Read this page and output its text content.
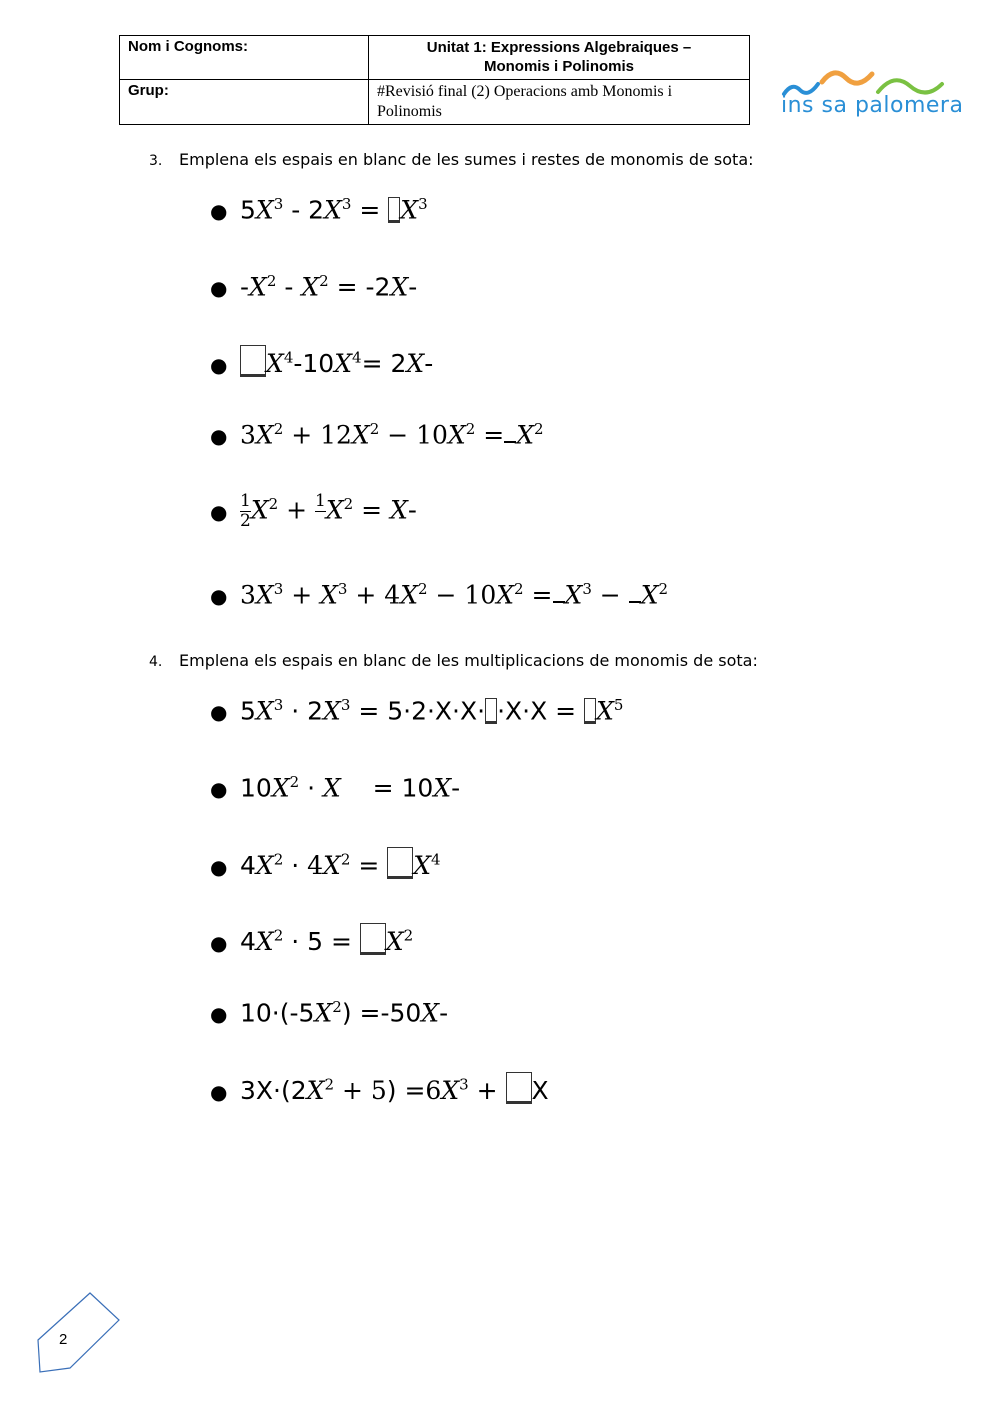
Nom i Cognoms:	Unitat 1: Expressions Algebraiques –
Monomis i Polinomis
Grup:	#Revisió final (2) Operacions amb Monomis i
Polinomis	ins sa palomera
3. Emplena els espais en blanc de les sumes i restes de monomis de sota:
● $5X^3 - 2X^3 = X^3$
● $-X^2 - X^2 = -2X-$
● $X^4-10X^4= 2X-$
● $3X^2 + 12X^2 - 10X^2 = X^2$
● $\frac{1}{2} X^2 + 1$
$X^2 = X-$
● $3X^3 + X^3 + 4X^2 - 10X^2 = X^3 - X^2$
4. Emplena els espais en blanc de les multiplicacions de monomis de sota:
● $5X^3 \cdot 2X^3 = 5\cdot 2\cdot X\cdot X\cdot \cdot X\cdot X = X^5$
● $10X^2 \cdot X$    = 10X-
● $4X^2 \cdot 4X^2 = X^4$
● $4X^2 \cdot 5 = X^2$
● $10\cdot(-5X^2) =-50X-$
● $3X\cdot(2X^2 + 5) =6X^3 + X$
2
